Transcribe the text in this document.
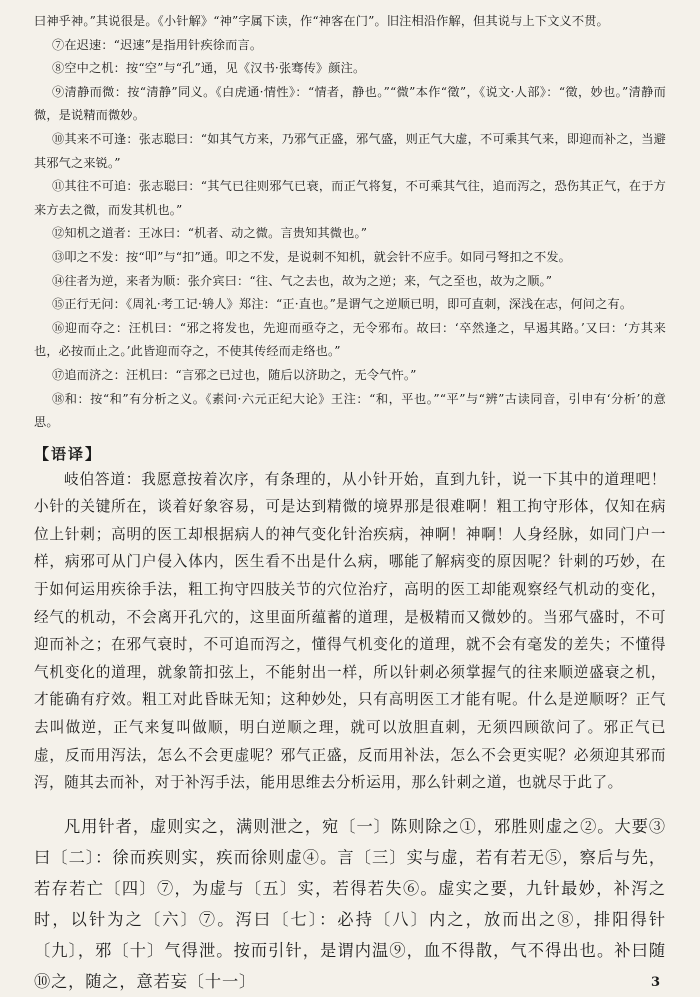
曰神乎神。”其说很是。《小针解》“神”字属下读，作“神客在门”。旧注相沿作解，但其说与上下文义不贯。

⑦在迟速：“迟速”是指用针疾徐而言。

⑧空中之机：按“空”与“孔”通，见《汉书·张骞传》颜注。

⑨清静而微：按“清静”同义。《白虎通·情性》：“情者，静也。”“微”本作“徵”，《说文·人部》：“徵，妙也。”清静而微，是说精而微妙。

⑩其来不可逢：张志聪曰：“如其气方来，乃邪气正盛，邪气盛，则正气大虚，不可乘其气来，即迎而补之，当避其邪气之来锐。”

⑪其往不可追：张志聪曰：“其气已往则邪气已衰，而正气将复，不可乘其气往，追而泻之，恐伤其正气，在于方来方去之微，而发其机也。”

⑫知机之道者：王冰曰：“机者、动之微。言贵知其微也。”

⑬叩之不发：按“叩”与“扣”通。叩之不发，是说刺不知机，就会针不应手。如同弓弩扣之不发。

⑭往者为逆，来者为顺：张介宾曰：“往、气之去也，故为之逆；来，气之至也，故为之顺。”

⑮正行无问：《周礼·考工记·辀人》郑注：“正·直也。”是谓气之逆顺已明，即可直刺，深浅在志，何问之有。

⑯迎而夺之：汪机曰：“邪之将发也，先迎而亟夺之，无令邪布。故曰：‘卒然逢之，早遏其路。’又曰：‘方其来也，必按而止之。’此皆迎而夺之，不使其传经而走络也。”

⑰追而济之：汪机曰：“言邪之已过也，随后以济助之，无令气忤。”

⑱和：按“和”有分析之义。《素问·六元正纪大论》王注：“和，平也。”“平”与“辨”古读同音，引申有‘分析’的意思。

【语译】

岐伯答道：我愿意按着次序，有条理的，从小针开始，直到九针，说一下其中的道理吧！小针的关键所在，谈着好象容易，可是达到精微的境界那是很难啊！粗工拘守形体，仅知在病位上针刺；高明的医工却根据病人的神气变化针治疾病，神啊！神啊！人身经脉，如同门户一样，病邪可从门户侵入体内，医生看不出是什么病，哪能了解病变的原因呢？针刺的巧妙，在于如何运用疾徐手法，粗工拘守四肢关节的穴位治疗，高明的医工却能观察经气机动的变化，经气的机动，不会离开孔穴的，这里面所蕴蓄的道理，是极精而又微妙的。当邪气盛时，不可迎而补之；在邪气衰时，不可追而泻之，懂得气机变化的道理，就不会有毫发的差失；不懂得气机变化的道理，就象箭扣弦上，不能射出一样，所以针刺必须掌握气的往来顺逆盛衰之机，才能确有疗效。粗工对此昏昧无知；这种妙处，只有高明医工才能有呢。什么是逆顺呀？正气去叫做逆，正气来复叫做顺，明白逆顺之理，就可以放胆直刺，无须四顾欲问了。邪正气已虚，反而用泻法，怎么不会更虚呢？邪气正盛，反而用补法，怎么不会更实呢？必须迎其邪而泻，随其去而补，对于补泻手法，能用思维去分析运用，那么针刺之道，也就尽于此了。

凡用针者，虚则实之，满则泄之，宛〔一〕陈则除之①，邪胜则虚之②。大要③曰〔二〕：徐而疾则实，疾而徐则虚④。言〔三〕实与虚，若有若无⑤，察后与先，若存若亡〔四〕⑦，为虚与〔五〕实，若得若失⑥。虚实之要，九针最妙，补泻之时，以针为之〔六〕⑦。泻曰〔七〕：必持〔八〕内之，放而出之⑧，排阳得针〔九〕，邪〔十〕气得泄。按而引针，是谓内温⑨，血不得散，气不得出也。补曰随⑩之，随之，意若妄〔十一〕	3
